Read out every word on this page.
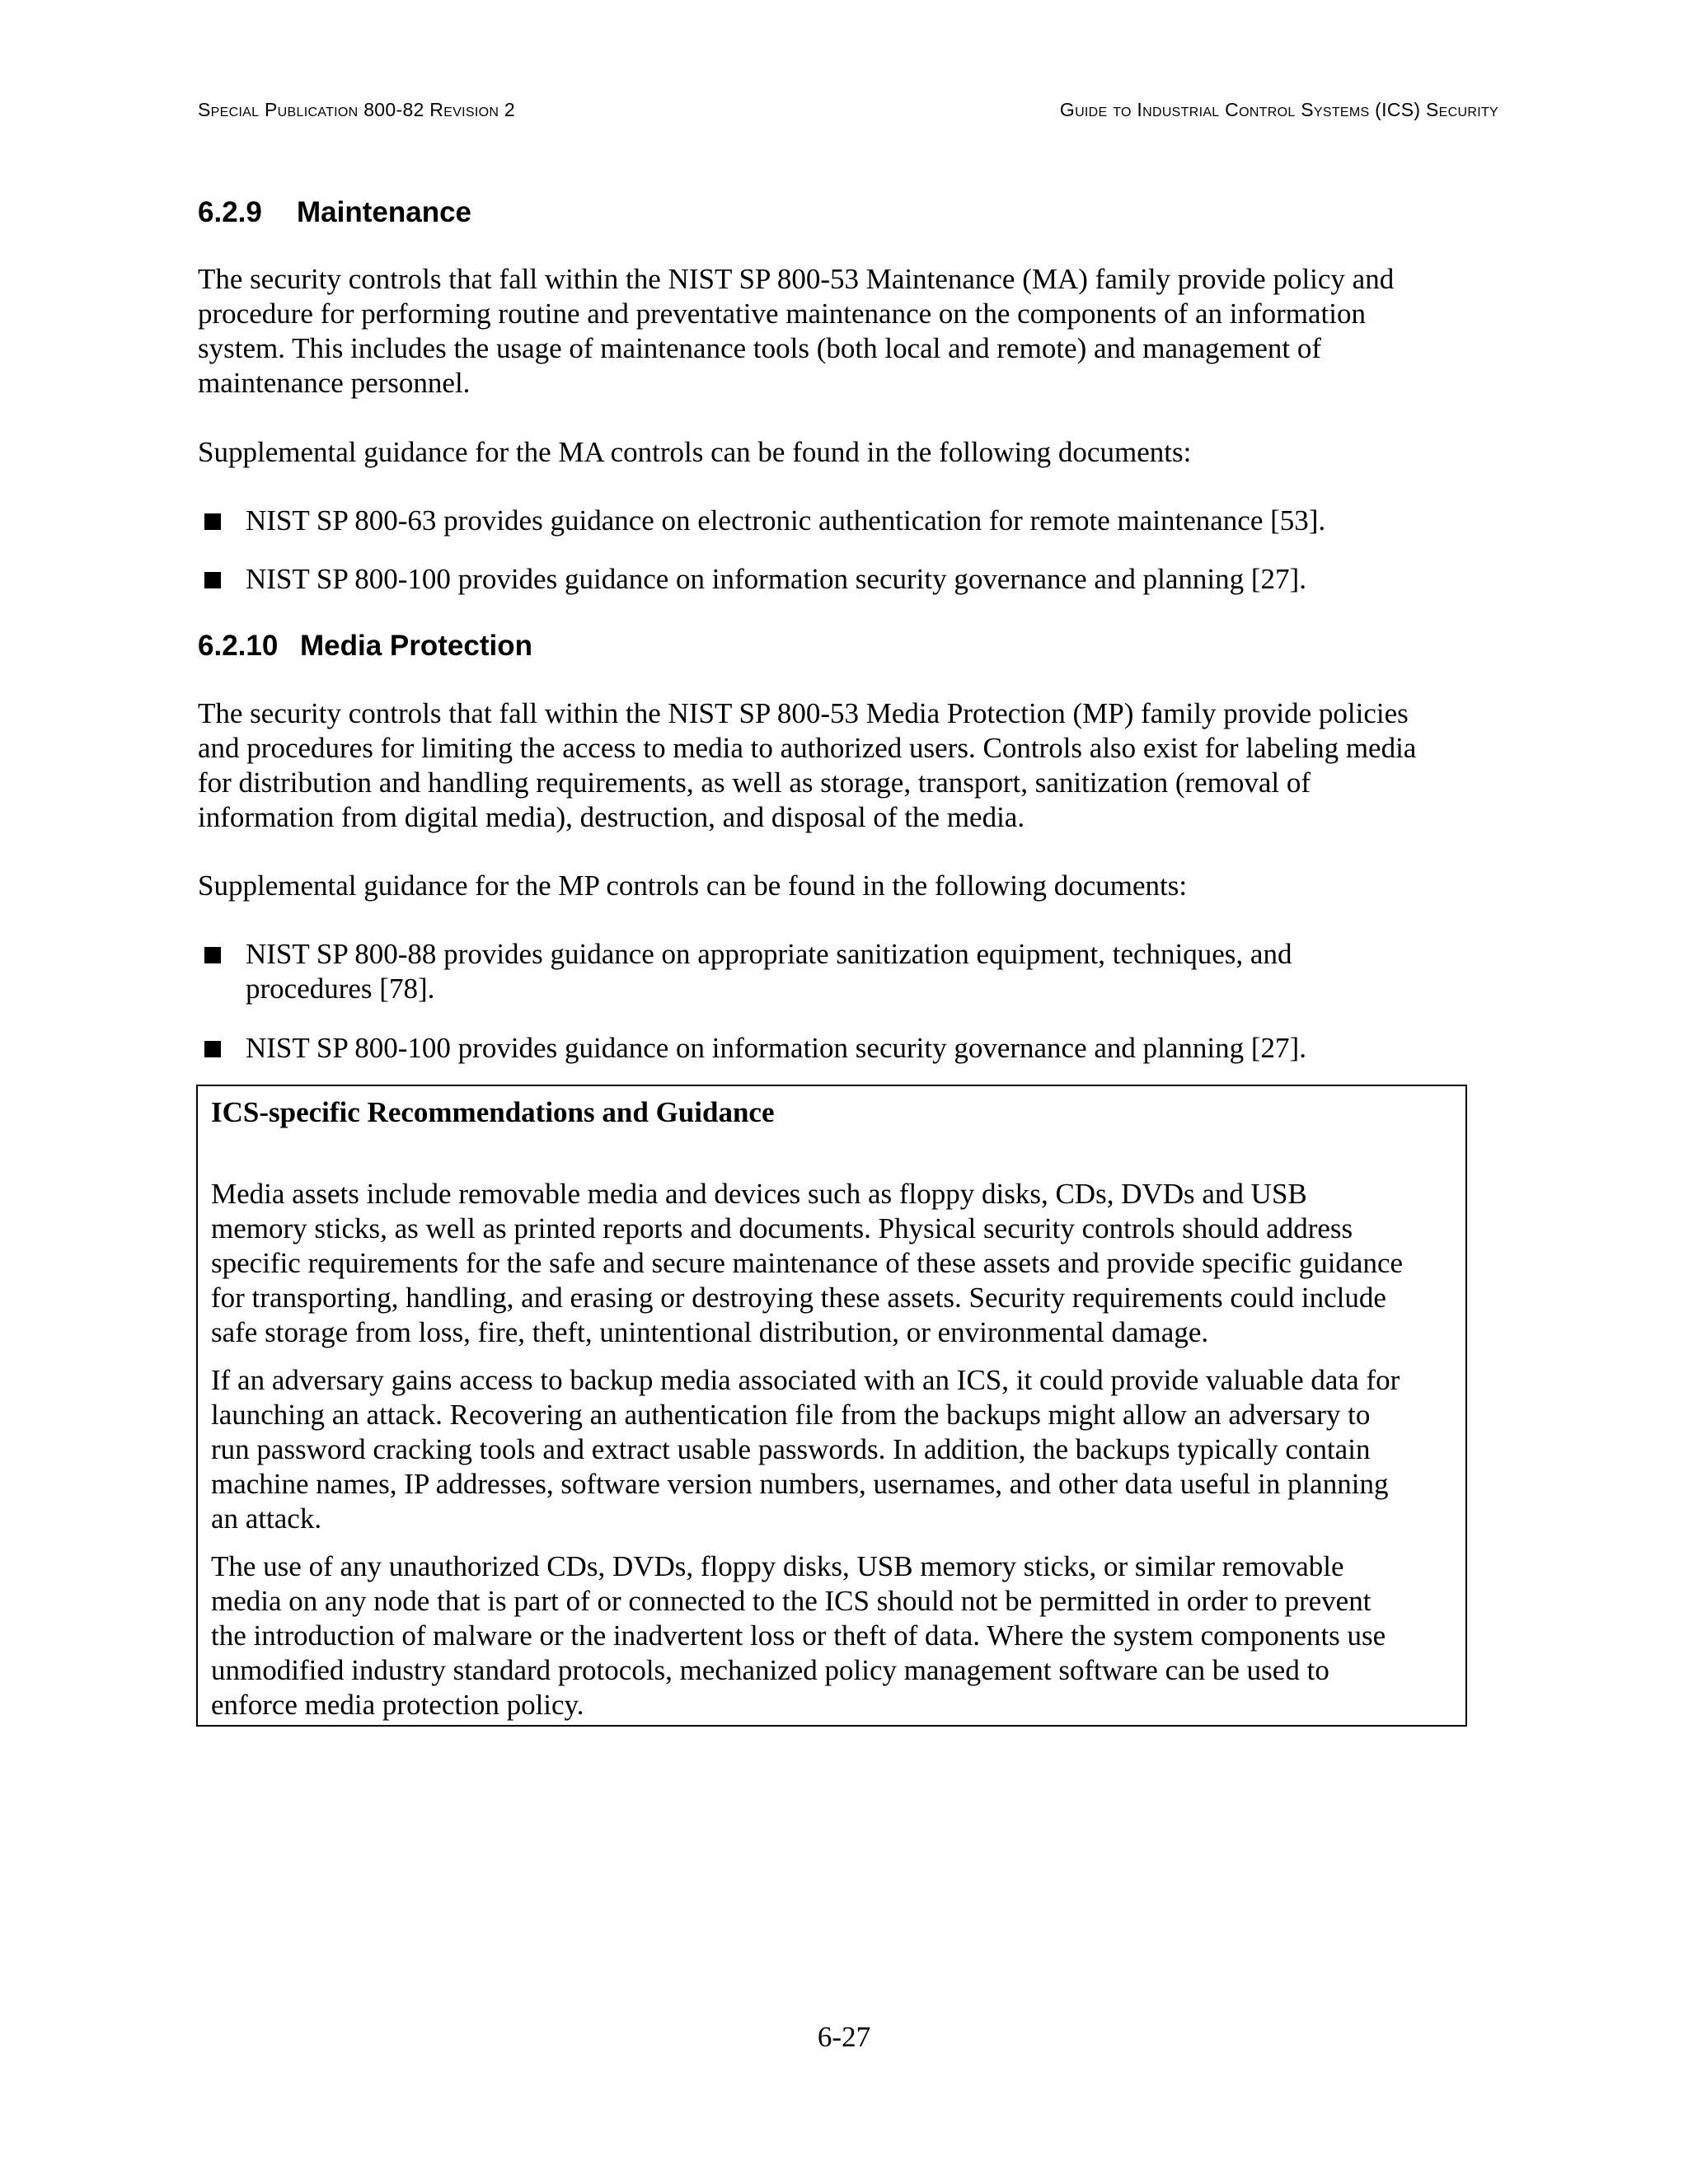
Special Publication 800-82 Revision 2	Guide to Industrial Control Systems (ICS) Security
6.2.9 Maintenance
The security controls that fall within the NIST SP 800-53 Maintenance (MA) family provide policy and
procedure for performing routine and preventative maintenance on the components of an information
system. This includes the usage of maintenance tools (both local and remote) and management of
maintenance personnel.
Supplemental guidance for the MA controls can be found in the following documents:
NIST SP 800-63 provides guidance on electronic authentication for remote maintenance [53].
NIST SP 800-100 provides guidance on information security governance and planning [27].
6.2.10 Media Protection
The security controls that fall within the NIST SP 800-53 Media Protection (MP) family provide policies
and procedures for limiting the access to media to authorized users. Controls also exist for labeling media
for distribution and handling requirements, as well as storage, transport, sanitization (removal of
information from digital media), destruction, and disposal of the media.
Supplemental guidance for the MP controls can be found in the following documents:
NIST SP 800-88 provides guidance on appropriate sanitization equipment, techniques, and
procedures [78].
NIST SP 800-100 provides guidance on information security governance and planning [27].
ICS-specific Recommendations and Guidance
Media assets include removable media and devices such as floppy disks, CDs, DVDs and USB
memory sticks, as well as printed reports and documents. Physical security controls should address
specific requirements for the safe and secure maintenance of these assets and provide specific guidance
for transporting, handling, and erasing or destroying these assets. Security requirements could include
safe storage from loss, fire, theft, unintentional distribution, or environmental damage.
If an adversary gains access to backup media associated with an ICS, it could provide valuable data for
launching an attack. Recovering an authentication file from the backups might allow an adversary to
run password cracking tools and extract usable passwords. In addition, the backups typically contain
machine names, IP addresses, software version numbers, usernames, and other data useful in planning
an attack.
The use of any unauthorized CDs, DVDs, floppy disks, USB memory sticks, or similar removable
media on any node that is part of or connected to the ICS should not be permitted in order to prevent
the introduction of malware or the inadvertent loss or theft of data. Where the system components use
unmodified industry standard protocols, mechanized policy management software can be used to
enforce media protection policy.
6-27
